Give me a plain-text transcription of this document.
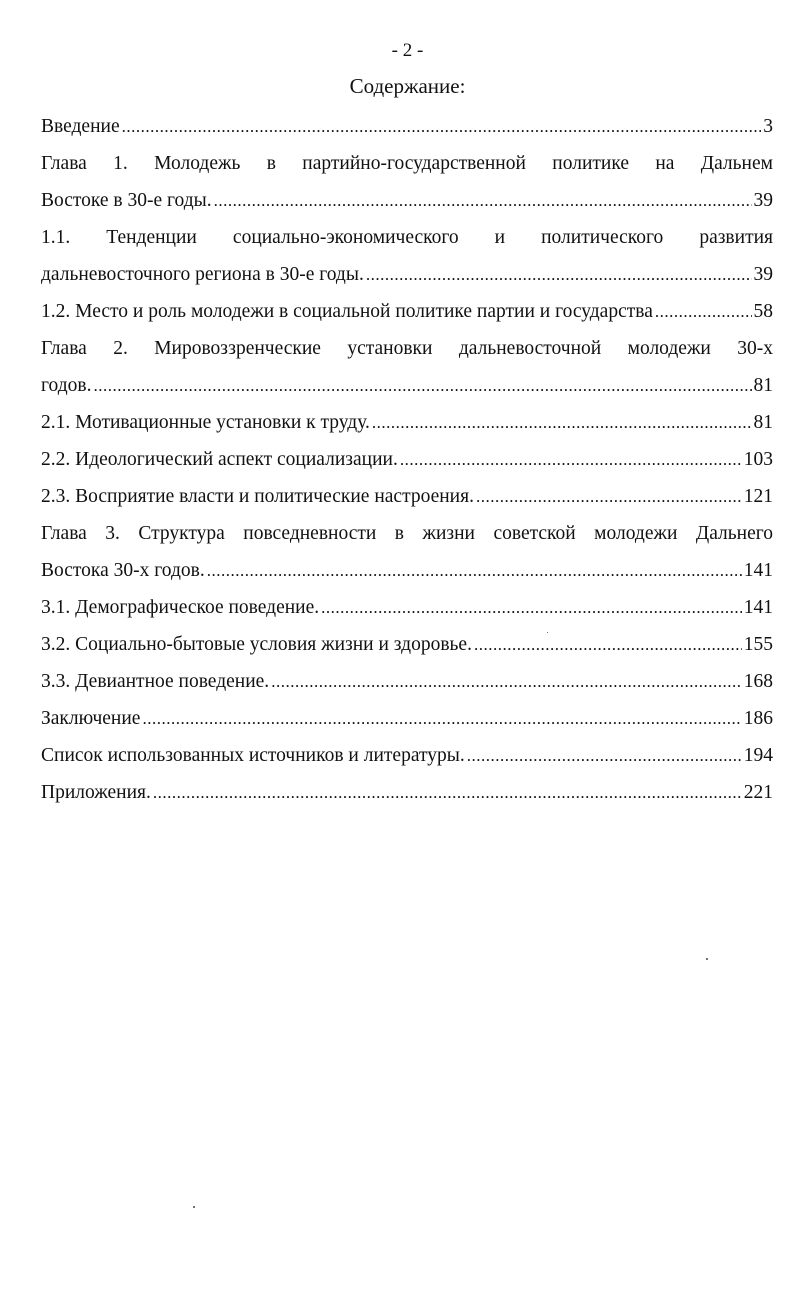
- 2 -
Содержание:
Введение .....	3
Глава 1. Молодежь в партийно-государственной политике на Дальнем
Востоке в 30-е годы. .....	39
1.1. Тенденции социально-экономического и политического развития
дальневосточного региона в 30-е годы. .....	39
1.2. Место и роль молодежи в социальной политике партии и государства .....	58
Глава 2. Мировоззренческие установки дальневосточной молодежи 30-х
годов. .....	81
2.1. Мотивационные установки к труду. .....	81
2.2. Идеологический аспект социализации. .....	103
2.3. Восприятие власти и политические настроения. .....	121
Глава 3. Структура повседневности в жизни советской молодежи Дальнего
Востока 30-х годов. .....	141
3.1. Демографическое поведение. .....	141
3.2. Социально-бытовые условия жизни и здоровье. .....	155
3.3. Девиантное поведение. .....	168
Заключение .....	186
Список использованных источников и литературы. .....	194
Приложения. .....	221
